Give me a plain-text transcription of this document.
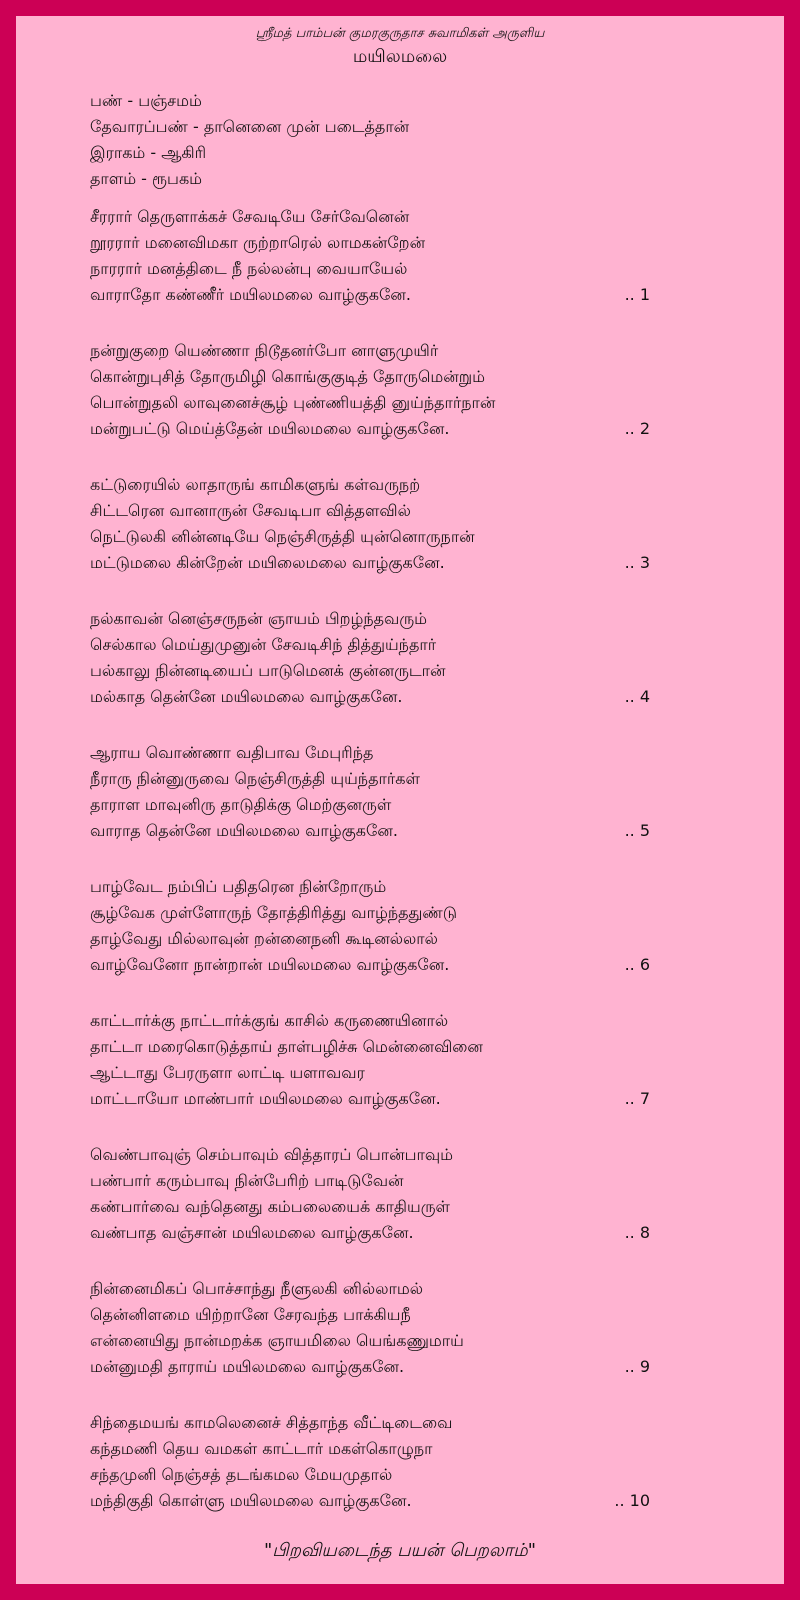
ஸ்ரீமத் பாம்பன் குமரகுருதாச சுவாமிகள் அருளிய
மயிலமலை
பண் - பஞ்சமம்
தேவாரப்பண் - தானெனை முன் படைத்தான்
இராகம் - ஆகிரி
தாளம் - ரூபகம்
சீரரார் தெருளாக்கச் சேவடியே சேர்வேனென்
றூரரார் மனைவிமகா ருற்றாரெல் லாமகன்றேன்
நாரரார் மனத்திடை நீ நல்லன்பு வையாயேல்
வாராதோ கண்ணீர் மயிலமலை வாழ்குகனே.	.. 1
நன்றுகுறை யெண்ணா நிடூதனர்போ னாளுமுயிர்
கொன்றுபுசித் தோருமிழி கொங்குகுடித் தோருமென்றும்
பொன்றுதலி லாவுனைச்சூழ் புண்ணியத்தி னுய்ந்தார்நான்
மன்றுபட்டு மெய்த்தேன் மயிலமலை வாழ்குகனே.	.. 2
கட்டுரையில் லாதாருங் காமிகளுங் கள்வருநற்
சிட்டரென வானாருன் சேவடிபா வித்தளவில்
நெட்டுலகி னின்னடியே நெஞ்சிருத்தி யுன்னொருநான்
மட்டுமலை கின்றேன் மயிலைமலை வாழ்குகனே.	.. 3
நல்காவன் னெஞ்சருநன் ஞாயம் பிறழ்ந்தவரும்
செல்கால மெய்துமுனுன் சேவடிசிந் தித்துய்ந்தார்
பல்காலு நின்னடியைப் பாடுமெனக் குன்னருடான்
மல்காத தென்னே மயிலமலை வாழ்குகனே.	.. 4
ஆராய வொண்ணா வதிபாவ மேபுரிந்த
நீராரு நின்னுருவை நெஞ்சிருத்தி யுய்ந்தார்கள்
தாராள மாவுனிரு தாடுதிக்கு மெற்குனருள்
வாராத தென்னே மயிலமலை வாழ்குகனே.	.. 5
பாழ்வேட நம்பிப் பதிதரென நின்றோரும்
சூழ்வேக முள்ளோருந் தோத்திரித்து வாழ்ந்ததுண்டு
தாழ்வேது மில்லாவுன் றன்னைநனி கூடினல்லால்
வாழ்வேனோ நான்றான் மயிலமலை வாழ்குகனே.	.. 6
காட்டார்க்கு நாட்டார்க்குங் காசில் கருணையினால்
தாட்டா மரைகொடுத்தாய் தாள்பழிச்சு மென்னைவினை
ஆட்டாது பேரருளா லாட்டி யளாவவர
மாட்டாயோ மாண்பார் மயிலமலை வாழ்குகனே.	.. 7
வெண்பாவுஞ் செம்பாவும் வித்தாரப் பொன்பாவும்
பண்பார் கரும்பாவு நின்பேரிற் பாடிடுவேன்
கண்பார்வை வந்தெனது கம்பலையைக் காதியருள்
வண்பாத வஞ்சான் மயிலமலை வாழ்குகனே.	.. 8
நின்னைமிகப் பொச்சாந்து நீளுலகி னில்லாமல்
தென்னிளமை யிற்றானே சேரவந்த பாக்கியநீ
என்னையிது நான்மறக்க ஞாயமிலை யெங்கணுமாய்
மன்னுமதி தாராய் மயிலமலை வாழ்குகனே.	.. 9
சிந்தைமயங் காமலெனைச் சித்தாந்த வீட்டிடைவை
கந்தமணி தெய வமகள் காட்டார் மகள்கொழுநா
சந்தமுனி நெஞ்சத் தடங்கமல மேயமுதால்
மந்திகுதி கொள்ளு மயிலமலை வாழ்குகனே.	.. 10
"பிறவியடைந்த பயன் பெறலாம்"
